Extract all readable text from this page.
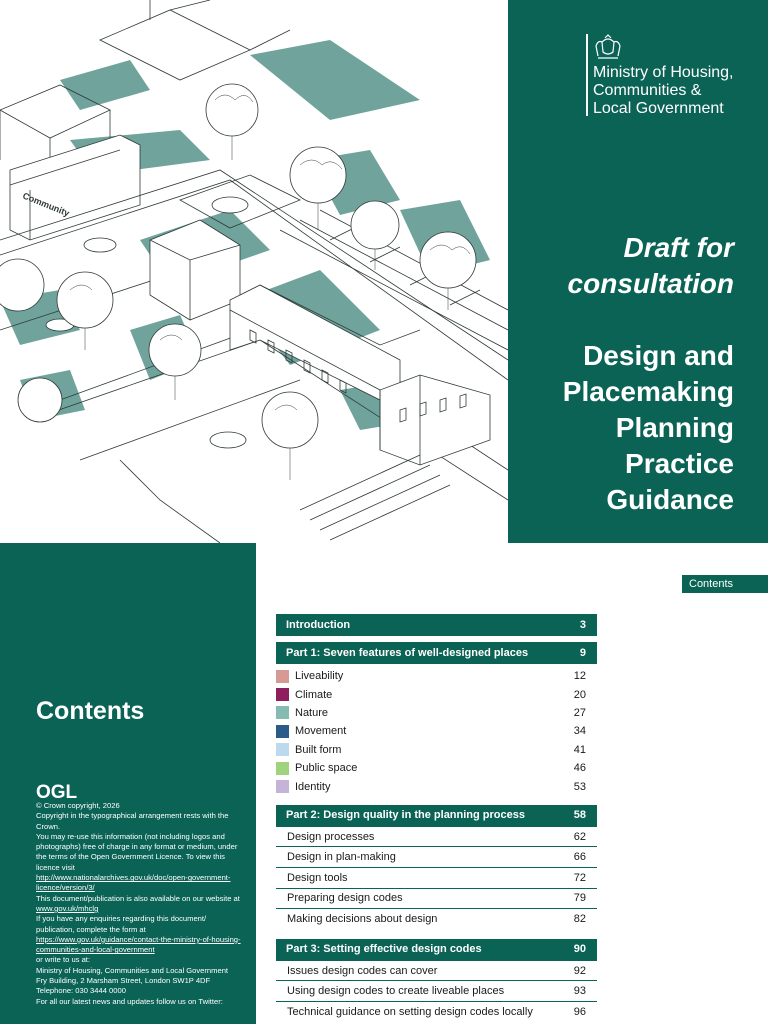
Community
Ministry of Housing,
Communities &
Local Government
Draft for
consultation
Design and
Placemaking
Planning
Practice
Guidance
Contents
OGL

© Crown copyright, 2026

Copyright in the typographical arrangement rests with the Crown.

You may re-use this information (not including logos and photographs) free of charge in any format or medium, under the terms of the Open Government Licence. To view this licence visit

http://www.nationalarchives.gov.uk/doc/open-government-licence/version/3/

This document/publication is also available on our website at

www.gov.uk/mhclg

If you have any enquiries regarding this document/ publication, complete the form at

https://www.gov.uk/guidance/contact-the-ministry-of-housing-communities-and-local-government

or write to us at:

Ministry of Housing, Communities and Local Government

Fry Building, 2 Marsham Street, London SW1P 4DF

Telephone: 030 3444 0000

For all our latest news and updates follow us on Twitter:

Contents
Introduction	3
Part 1: Seven features of well-designed places	9
Liveability	12
Climate	20
Nature	27
Movement	34
Built form	41
Public space	46
Identity	53
Part 2: Design quality in the planning process	58
Design processes	62
Design in plan-making	66
Design tools	72
Preparing design codes	79
Making decisions about design	82
Part 3: Setting effective design codes	90
Issues design codes can cover	92
Using design codes to create liveable places	93
Technical guidance on setting design codes locally	96
